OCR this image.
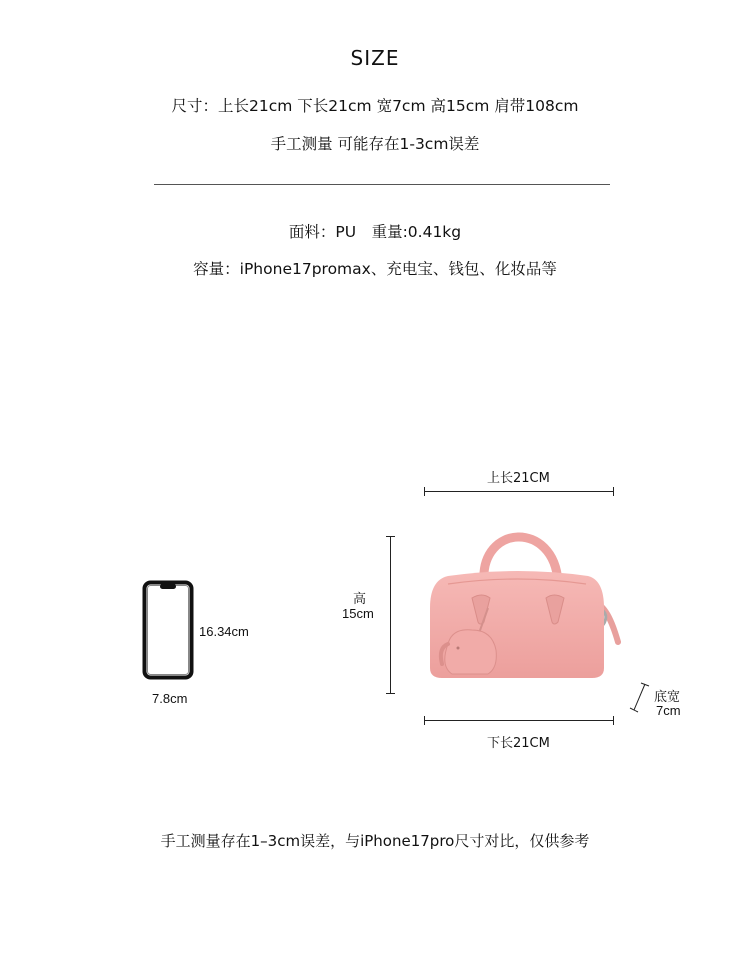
SIZE
尺寸：上长21cm 下长21cm 宽7cm 高15cm 肩带108cm
手工测量 可能存在1-3cm误差
面料：PU　重量:0.41kg
容量：iPhone17promax、充电宝、钱包、化妆品等
16.34cm
7.8cm
上长21CM
高
15cm
下长21CM
底宽
7cm
手工测量存在1–3cm误差，与iPhone17pro尺寸对比，仅供参考
